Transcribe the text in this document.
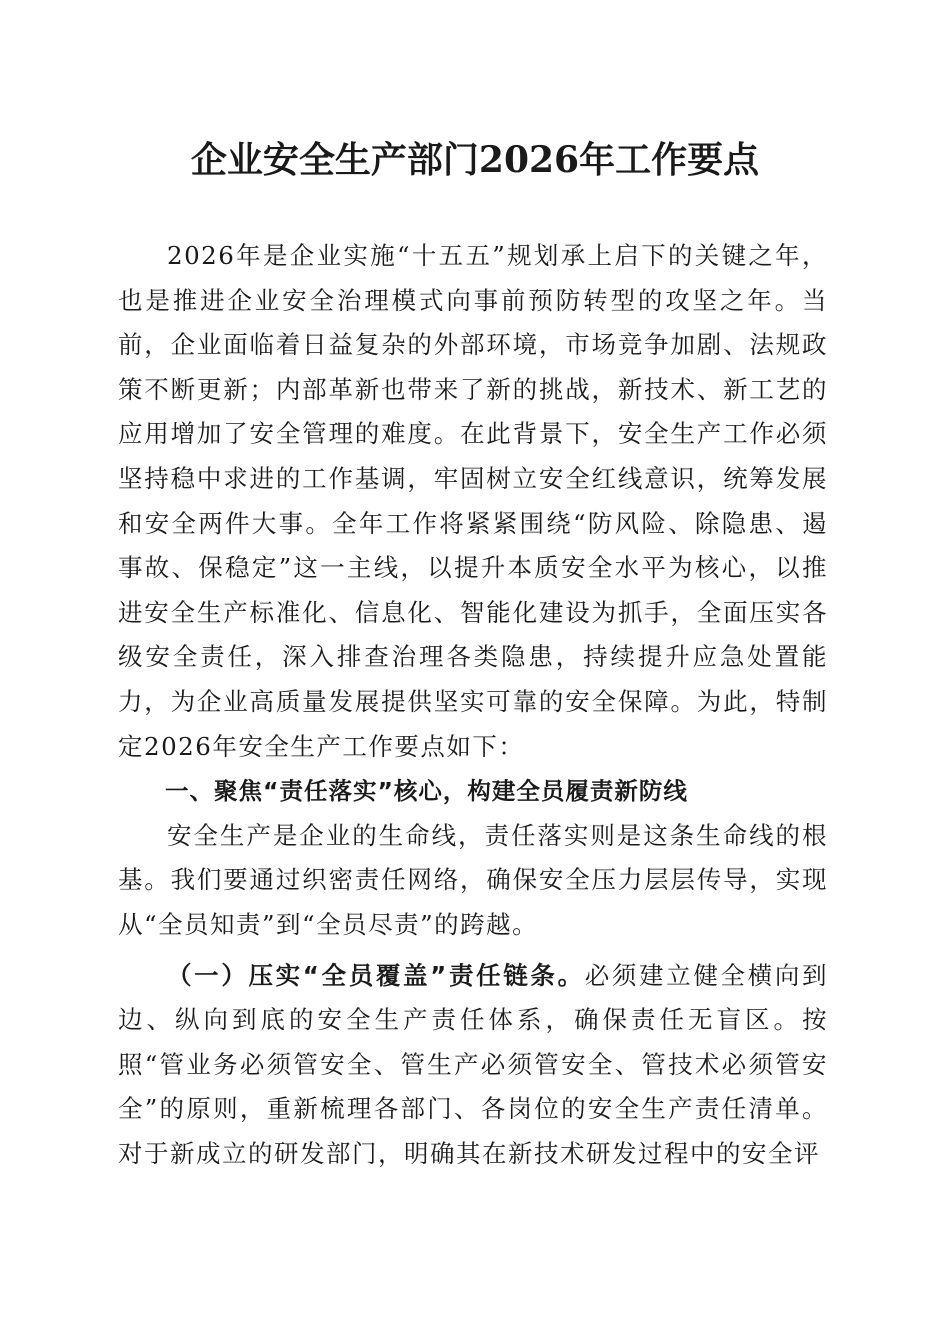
企业安全生产部门2026年工作要点

2026年是企业实施“十五五”规划承上启下的关键之年，也是推进企业安全治理模式向事前预防转型的攻坚之年。当前，企业面临着日益复杂的外部环境，市场竞争加剧、法规政策不断更新；内部革新也带来了新的挑战，新技术、新工艺的应用增加了安全管理的难度。在此背景下，安全生产工作必须坚持稳中求进的工作基调，牢固树立安全红线意识，统筹发展和安全两件大事。全年工作将紧紧围绕“防风险、除隐患、遏事故、保稳定”这一主线，以提升本质安全水平为核心，以推进安全生产标准化、信息化、智能化建设为抓手，全面压实各级安全责任，深入排查治理各类隐患，持续提升应急处置能力，为企业高质量发展提供坚实可靠的安全保障。为此，特制定2026年安全生产工作要点如下：

一、聚焦“责任落实”核心，构建全员履责新防线

安全生产是企业的生命线，责任落实则是这条生命线的根基。我们要通过织密责任网络，确保安全压力层层传导，实现从“全员知责”到“全员尽责”的跨越。

（一）压实“全员覆盖”责任链条。必须建立健全横向到边、纵向到底的安全生产责任体系，确保责任无盲区。按照“管业务必须管安全、管生产必须管安全、管技术必须管安全”的原则，重新梳理各部门、各岗位的安全生产责任清单。对于新成立的研发部门，明确其在新技术研发过程中的安全评
